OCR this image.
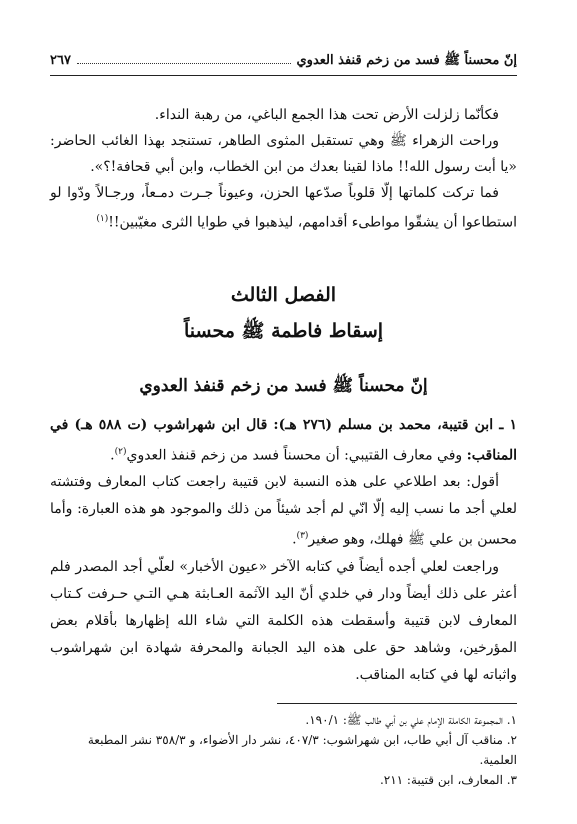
إنّ محسناً ﷺ فسد من زخم قنفذ العدوي
٢٦٧

فكأنّما زلزلت الأرض تحت هذا الجمع الباغي، من رهبة النداء.

وراحت الزهراء ﷺ وهي تستقبل المثوى الطاهر، تستنجد بهذا الغائب الحاضر: «يا أبت رسول الله!! ماذا لقينا بعدك من ابن الخطاب، وابن أبي قحافة!؟».

فما تركت كلماتها إلّا قلوباً صدّعها الحزن، وعيوناً جـرت دمـعاً، ورجـالاً ودّوا لو استطاعوا أن يشقّوا مواطىء أقدامهم، ليذهبوا في طوايا الثرى مغيّبين!!$^{(١)}$

الفصل الثالث
إسقاط فاطمة ﷺ محسناً
إنّ محسناً ﷺ فسد من زخم قنفذ العدوي

١ ـ ابن قتيبة، محمد بن مسلم (٢٧٦ هـ): قال ابن شهراشوب (ت ٥٨٨ هـ) في المناقب: وفي معارف القتيبي: أن محسناً فسد من زخم قنفذ العدوي$^{(٢)}$.

أقول: بعد اطلاعي على هذه النسبة لابن قتيبة راجعت كتاب المعارف وفتشته لعلي أجد ما نسب إليه إلّا انّي لم أجد شيئاً من ذلك والموجود هو هذه العبارة: وأما محسن بن علي ﷺ فهلك، وهو صغير$^{(٣)}$.

وراجعت لعلي أجده أيضاً في كتابه الآخر «عيون الأخبار» لعلّي أجد المصدر فلم أعثر على ذلك أيضاً ودار في خلدي أنّ اليد الآثمة العـابثة هـي التـي حـرفت كـتاب المعارف لابن قتيبة وأسقطت هذه الكلمة التي شاء الله إظهارها بأقلام بعض المؤرخين، وشاهد حق على هذه اليد الجبانة والمحرفة شهادة ابن شهراشوب واثباته لها في كتابه المناقب.

١. المجموعة الكاملة الإمام علي بن أبي طالب ﷺ: ١٩٠/١.
٢. مناقب آل أبي طاب، ابن شهراشوب: ٤٠٧/٣، نشر دار الأضواء، و ٣٥٨/٣ نشر المطبعة العلمية.
٣. المعارف، ابن قتيبة: ٢١١.
